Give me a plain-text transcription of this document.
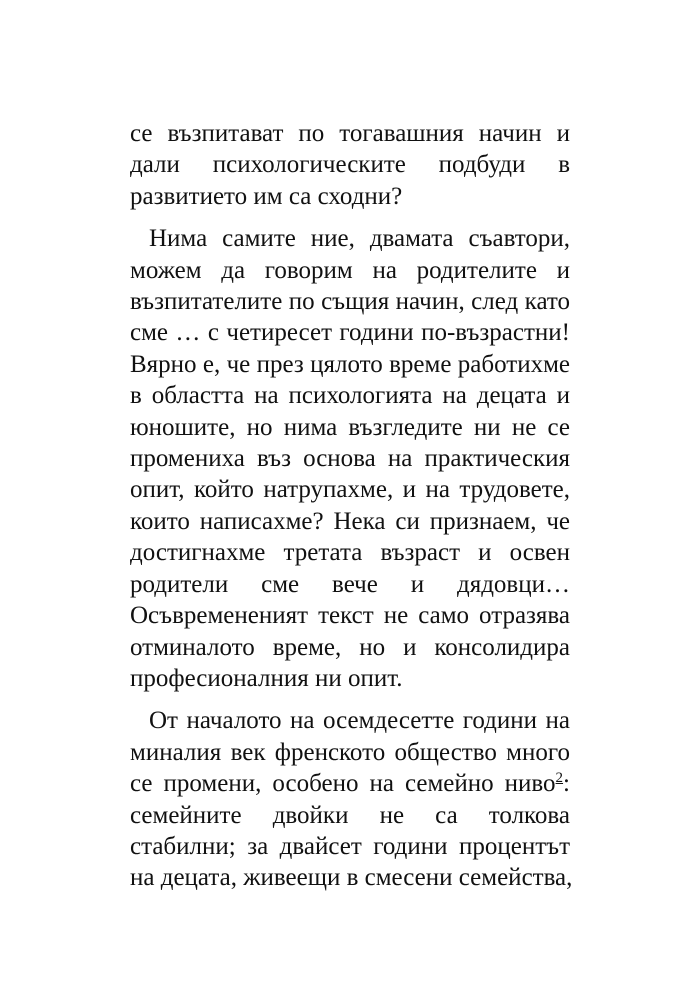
се възпитават по тогавашния начин и
дали психологическите подбуди в
развитието им са сходни?
Нима самите ние, двамата съавтори,
можем да говорим на родителите и
възпитателите по същия начин, след като
сме … с четиресет години по-възрастни!
Вярно е, че през цялото време работихме
в областта на психологията на децата и
юношите, но нима възгледите ни не се
промениха въз основа на практическия
опит, който натрупахме, и на трудовете,
които написахме? Нека си признаем, че
достигнахме третата възраст и освен
родители сме вече и дядовци…
Осъвременeният текст не само отразява
отминалото време, но и консолидира
професионалния ни опит.
От началото на осемдесетте години на
миналия век френското общество много
се промени, особено на семейно ниво$^2$:
семейните двойки не са толкова
стабилни; за двайсет години процентът
на децата, живеещи в смесени семейства,
